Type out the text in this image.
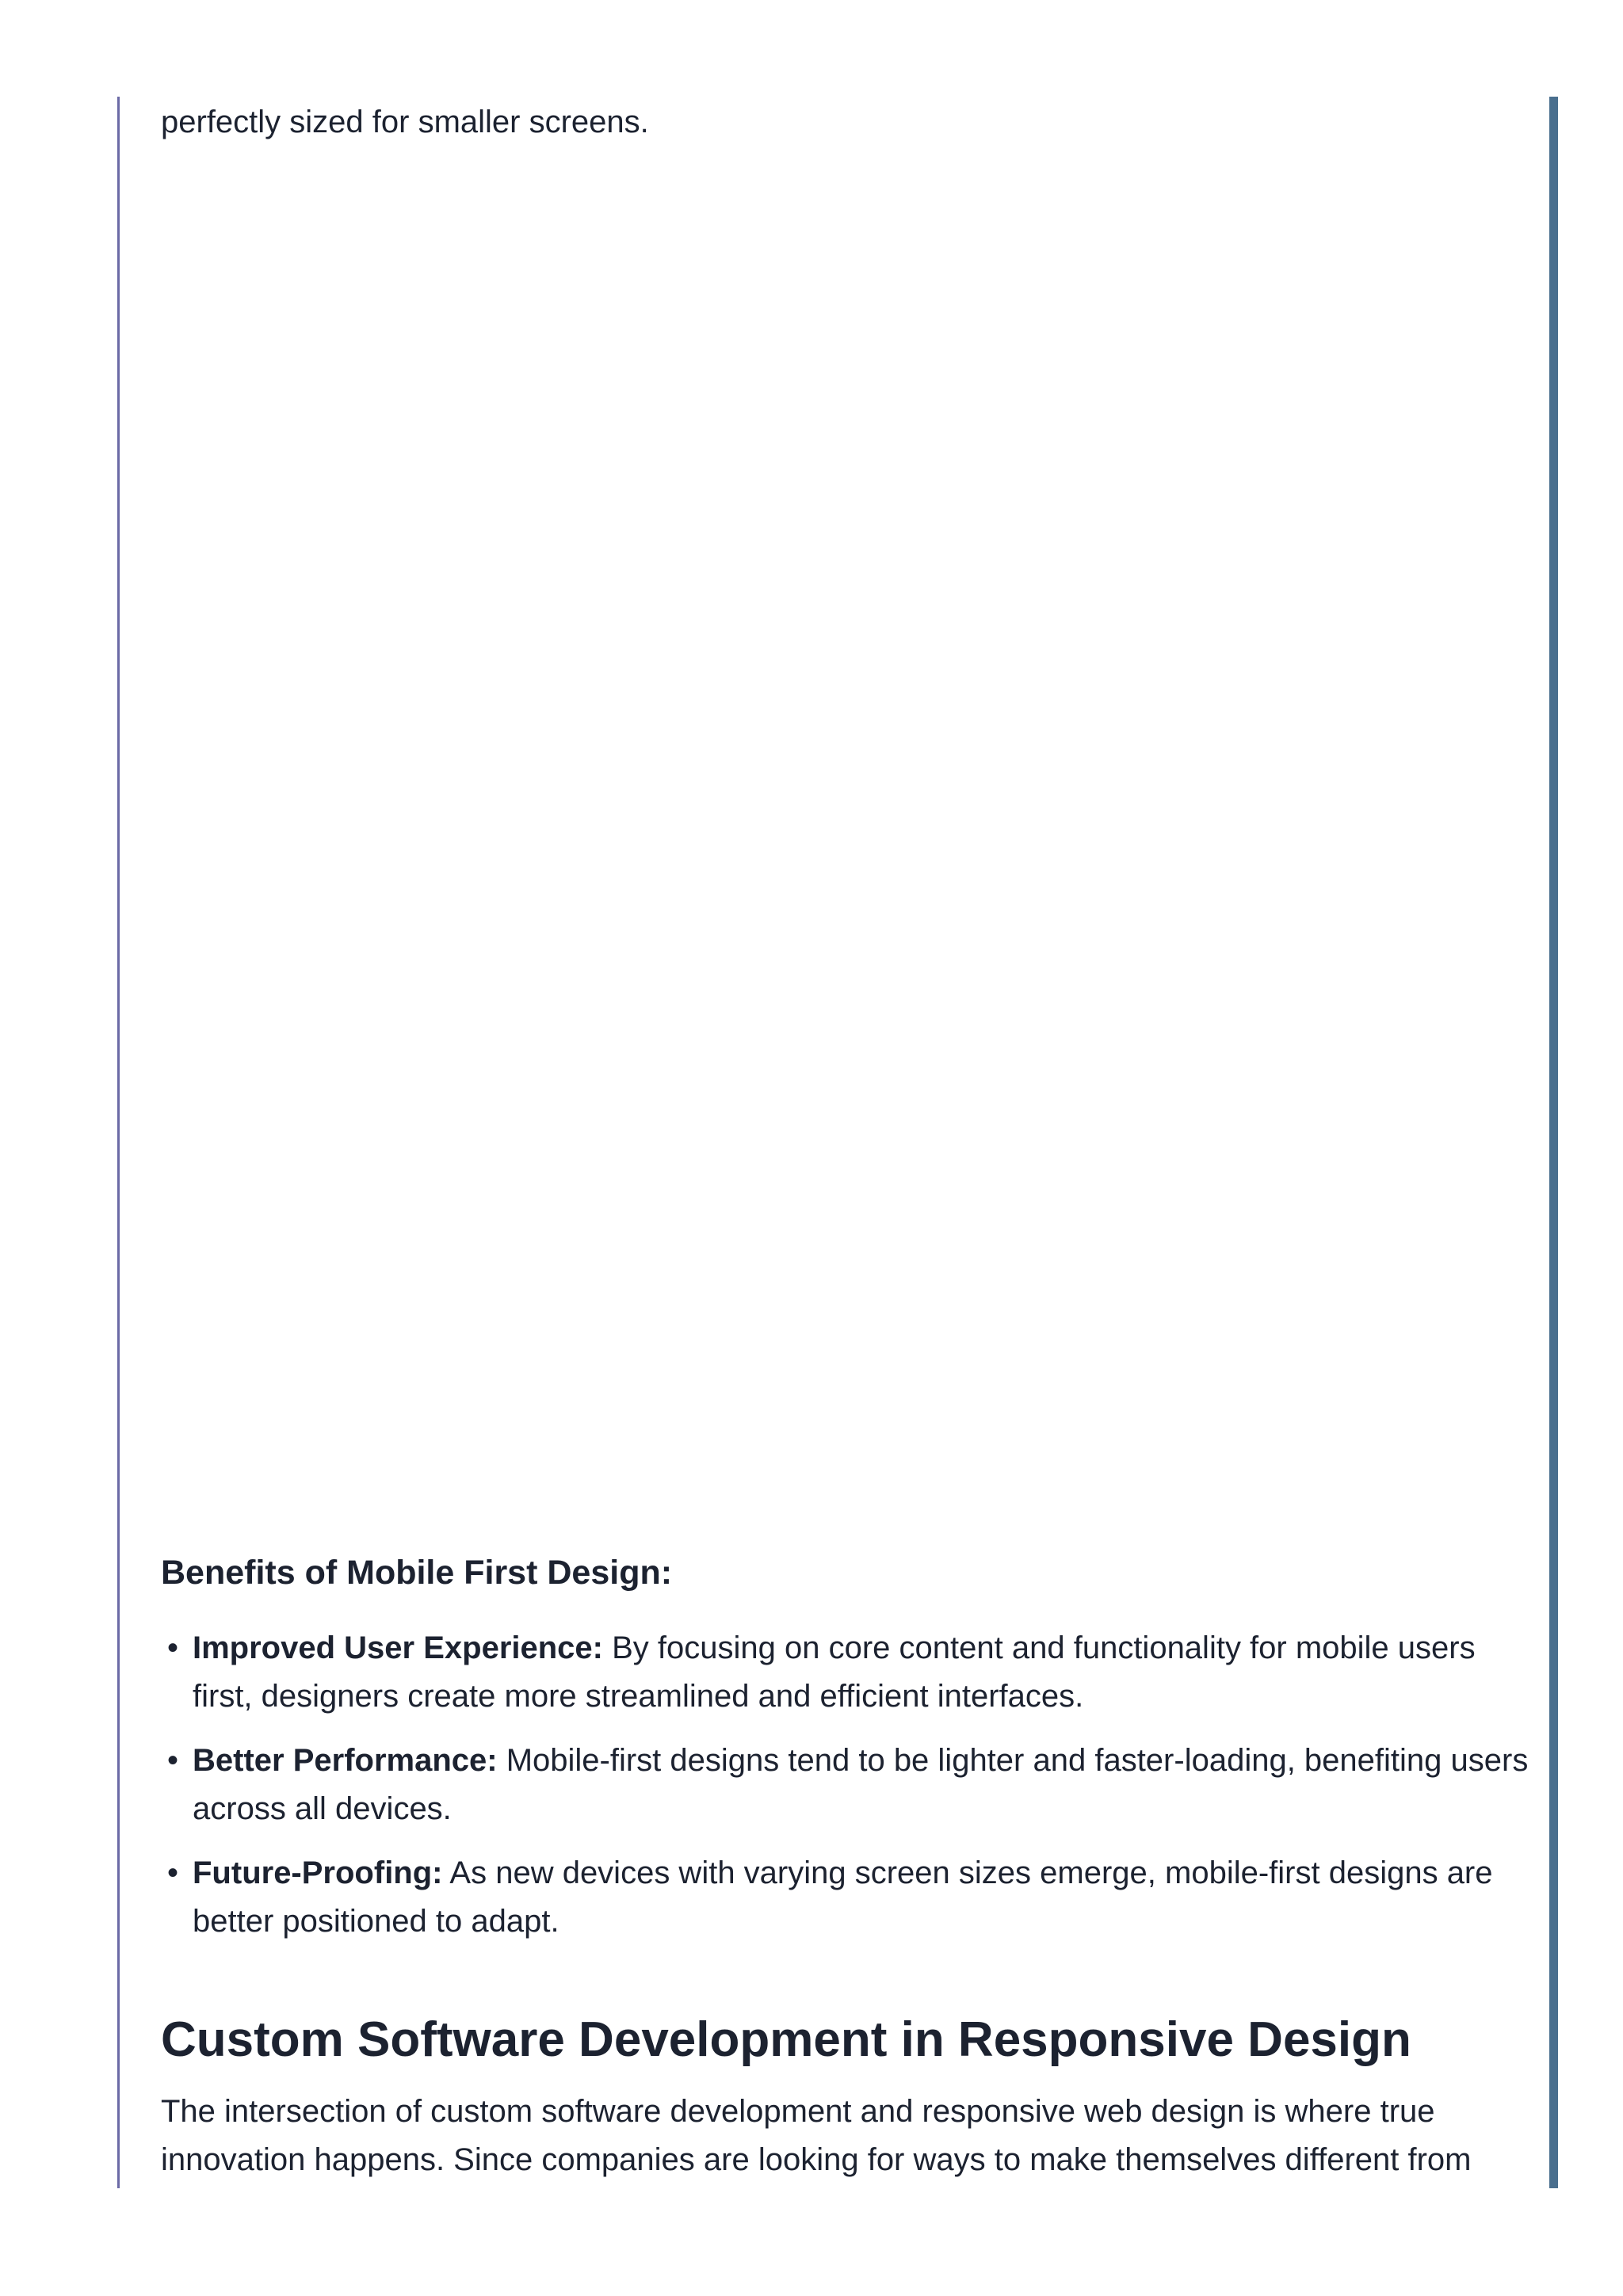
perfectly sized for smaller screens.

Benefits of Mobile First Design:
• Improved User Experience: By focusing on core content and functionality for mobile users first, designers create more streamlined and efficient interfaces.
• Better Performance: Mobile-first designs tend to be lighter and faster-loading, benefiting users across all devices.
• Future-Proofing: As new devices with varying screen sizes emerge, mobile-first designs are better positioned to adapt.
Custom Software Development in Responsive Design

The intersection of custom software development and responsive web design is where true innovation happens. Since companies are looking for ways to make themselves different from
